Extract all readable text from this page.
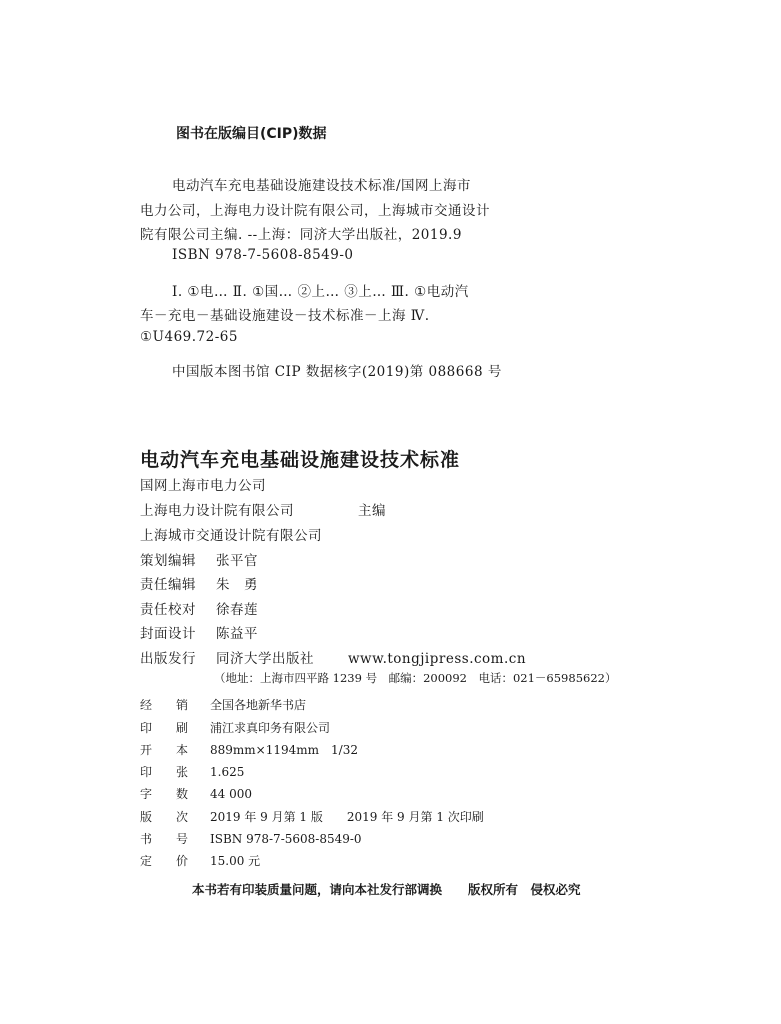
图书在版编目(CIP)数据
电动汽车充电基础设施建设技术标准/国网上海市
电力公司，上海电力设计院有限公司，上海城市交通设计
院有限公司主编. --上海：同济大学出版社，2019.9
ISBN 978-7-5608-8549-0
Ⅰ. ①电… Ⅱ. ①国… ②上… ③上… Ⅲ. ①电动汽
车－充电－基础设施建设－技术标准－上海 Ⅳ.
①U469.72-65
中国版本图书馆 CIP 数据核字(2019)第 088668 号
电动汽车充电基础设施建设技术标准
国网上海市电力公司
上海电力设计院有限公司	主编
上海城市交通设计院有限公司
策划编辑 张平官
责任编辑 朱　勇
责任校对 徐春莲
封面设计 陈益平
出版发行 同济大学出版社	www.tongjipress.com.cn
（地址：上海市四平路 1239 号　邮编：200092　电话：021－65985622）
经 销 全国各地新华书店
印 刷 浦江求真印务有限公司
开 本 889mm×1194mm　1/32
印 张 1.625
字 数 44 000
版 次 2019 年 9 月第 1 版　　2019 年 9 月第 1 次印刷
书 号 ISBN 978-7-5608-8549-0
定 价 15.00 元
本书若有印装质量问题，请向本社发行部调换 版权所有　侵权必究
